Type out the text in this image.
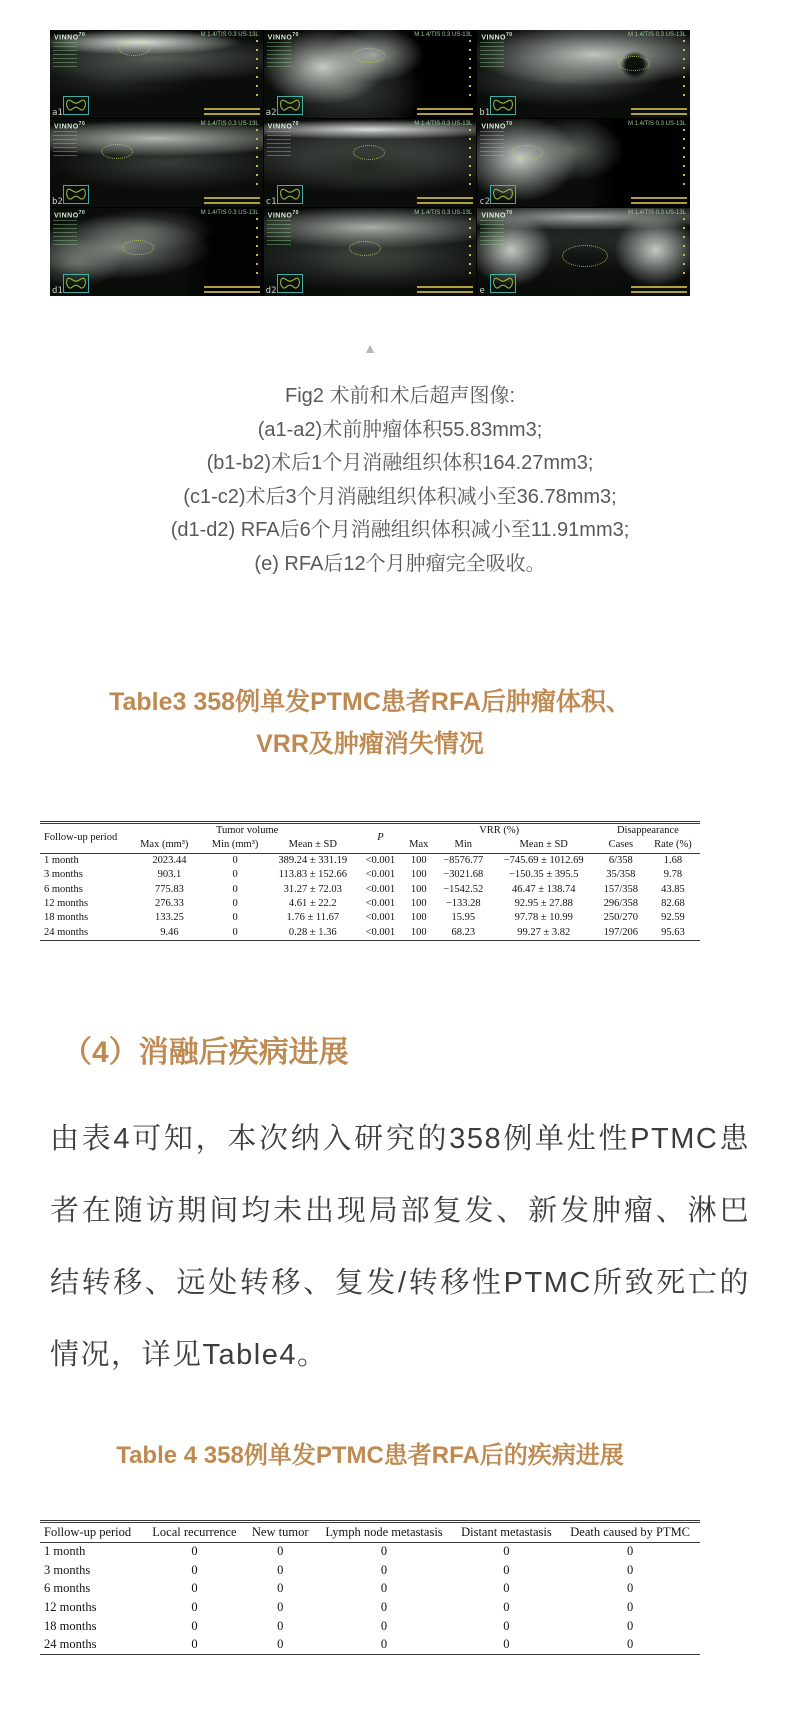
VINNO$^{70}$	M 1.4/TIS 0.3 US-13L
a1
VINNO$^{70}$	M 1.4/TIS 0.3 US-13L
a2
VINNO$^{70}$	M 1.4/TIS 0.3 US-13L
b1
VINNO$^{70}$	M 1.4/TIS 0.3 US-13L
b2
VINNO$^{70}$	M 1.4/TIS 0.3 US-13L
c1
VINNO$^{70}$	M 1.4/TIS 0.3 US-13L
c2
VINNO$^{70}$	M 1.4/TIS 0.3 US-13L
d1
VINNO$^{70}$	M 1.4/TIS 0.3 US-13L
d2
VINNO$^{70}$	M 1.4/TIS 0.3 US-13L
e
▲
Fig2 术前和术后超声图像:
(a1-a2)术前肿瘤体积55.83mm3;
(b1-b2)术后1个月消融组织体积164.27mm3;
(c1-c2)术后3个月消融组织体积减小至36.78mm3;
(d1-d2) RFA后6个月消融组织体积减小至11.91mm3;
(e) RFA后12个月肿瘤完全吸收。
Table3 358例单发PTMC患者RFA后肿瘤体积、
VRR及肿瘤消失情况
Follow-up period	Tumor volume			P	VRR (%)			Disappearance	
	Max (mm³)	Min (mm³)	Mean ± SD		Max	Min	Mean ± SD	Cases	Rate (%)
1 month	2023.44	0	389.24 ± 331.19	<0.001	100	−8576.77	−745.69 ± 1012.69	6/358	1.68
3 months	903.1	0	113.83 ± 152.66	<0.001	100	−3021.68	−150.35 ± 395.5	35/358	9.78
6 months	775.83	0	31.27 ± 72.03	<0.001	100	−1542.52	46.47 ± 138.74	157/358	43.85
12 months	276.33	0	4.61 ± 22.2	<0.001	100	−133.28	92.95 ± 27.88	296/358	82.68
18 months	133.25	0	1.76 ± 11.67	<0.001	100	15.95	97.78 ± 10.99	250/270	92.59
24 months	9.46	0	0.28 ± 1.36	<0.001	100	68.23	99.27 ± 3.82	197/206	95.63
（4）消融后疾病进展

由表4可知，本次纳入研究的358例单灶性PTMC患者在随访期间均未出现局部复发、新发肿瘤、淋巴结转移、远处转移、复发/转移性PTMC所致死亡的情况，详见Table4。

Table 4 358例单发PTMC患者RFA后的疾病进展
Follow-up period	Local recurrence	New tumor	Lymph node metastasis	Distant metastasis	Death caused by PTMC
1 month	0	0	0	0	0
3 months	0	0	0	0	0
6 months	0	0	0	0	0
12 months	0	0	0	0	0
18 months	0	0	0	0	0
24 months	0	0	0	0	0
